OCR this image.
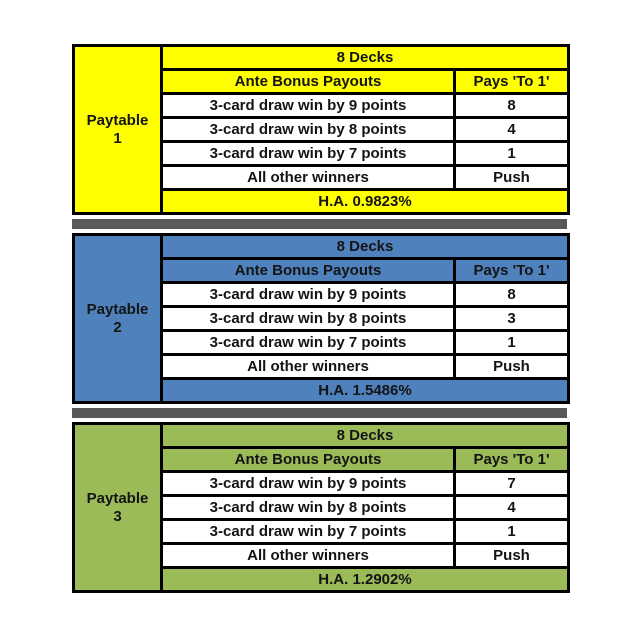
Paytable
1	8 Decks	
	Ante Bonus Payouts	Pays 'To 1'
	3-card draw win by 9 points	8
	3-card draw win by 8 points	4
	3-card draw win by 7 points	1
	All other winners	Push
	H.A. 0.9823%	
Paytable
2	8 Decks	
	Ante Bonus Payouts	Pays 'To 1'
	3-card draw win by 9 points	8
	3-card draw win by 8 points	3
	3-card draw win by 7 points	1
	All other winners	Push
	H.A. 1.5486%	
Paytable
3	8 Decks	
	Ante Bonus Payouts	Pays 'To 1'
	3-card draw win by 9 points	7
	3-card draw win by 8 points	4
	3-card draw win by 7 points	1
	All other winners	Push
	H.A. 1.2902%	
